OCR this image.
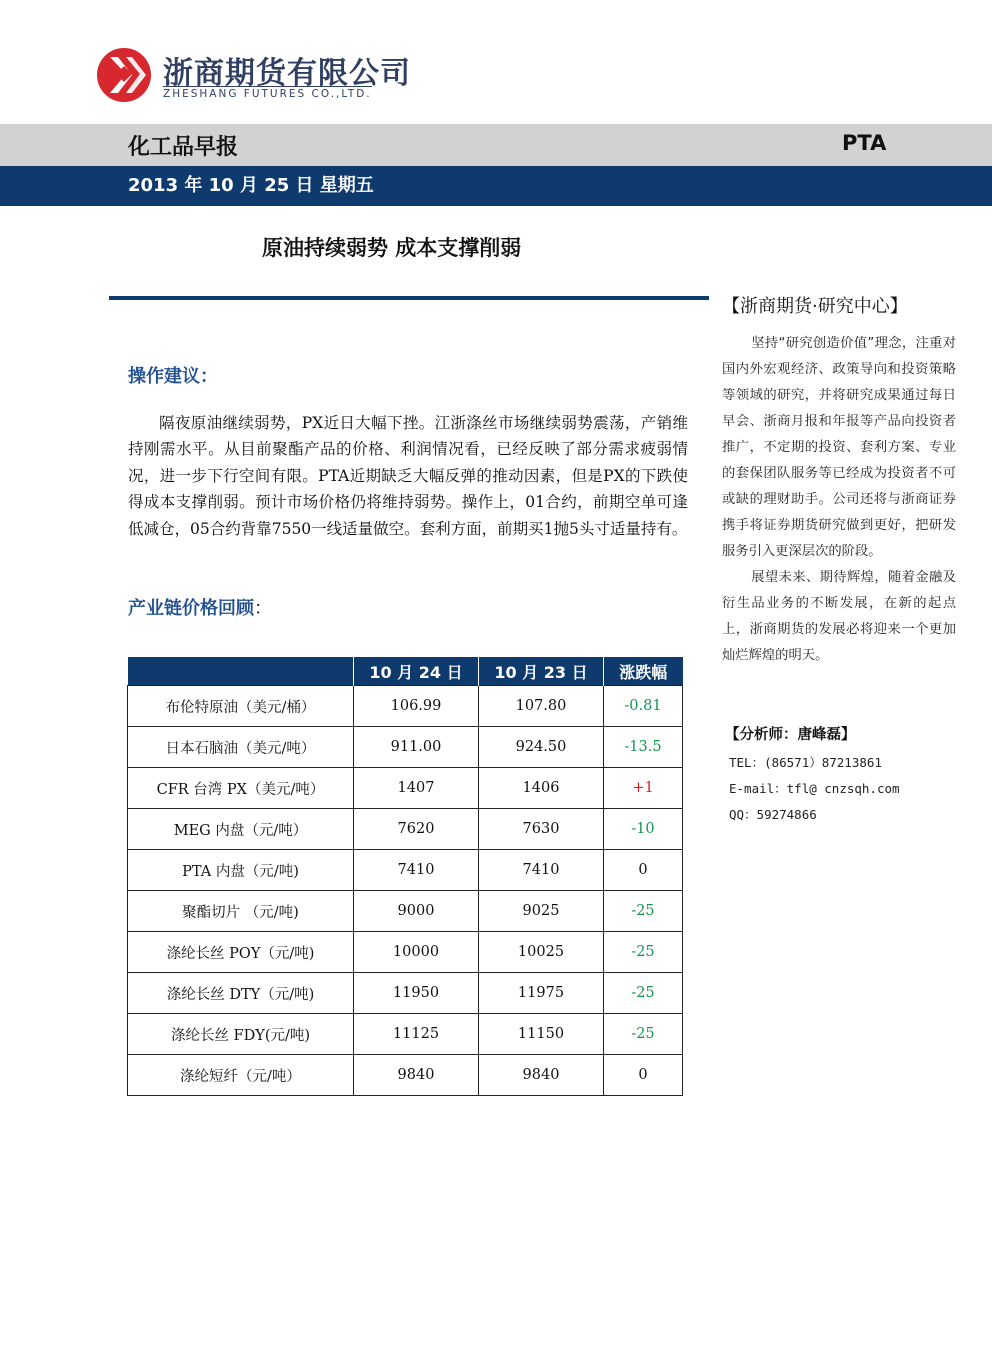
浙商期货有限公司
ZHESHANG FUTURES CO.,LTD.
化工品早报	PTA
2013 年 10 月 25 日 星期五
原油持续弱势 成本支撑削弱
操作建议：
隔夜原油继续弱势，PX近日大幅下挫。江浙涤丝市场继续弱势震荡，产销维持刚需水平。从目前聚酯产品的价格、利润情况看，已经反映了部分需求疲弱情况，进一步下行空间有限。PTA近期缺乏大幅反弹的推动因素，但是PX的下跌使得成本支撑削弱。预计市场价格仍将维持弱势。操作上，01合约，前期空单可逢低减仓，05合约背靠7550一线适量做空。套利方面，前期买1抛5头寸适量持有。
产业链价格回顾：
	10 月 24 日	10 月 23 日	涨跌幅
布伦特原油（美元/桶）	106.99	107.80	-0.81
日本石脑油（美元/吨）	911.00	924.50	-13.5
CFR 台湾 PX（美元/吨）	1407	1406	+1
MEG 内盘（元/吨）	7620	7630	-10
PTA 内盘（元/吨)	7410	7410	0
聚酯切片 （元/吨)	9000	9025	-25
涤纶长丝 POY（元/吨)	10000	10025	-25
涤纶长丝 DTY（元/吨)	11950	11975	-25
涤纶长丝 FDY(元/吨)	11125	11150	-25
涤纶短纤（元/吨）	9840	9840	0
【浙商期货·研究中心】

坚持“研究创造价值”理念，注重对国内外宏观经济、政策导向和投资策略等领域的研究，并将研究成果通过每日早会、浙商月报和年报等产品向投资者推广，不定期的投资、套利方案、专业的套保团队服务等已经成为投资者不可或缺的理财助手。公司还将与浙商证券携手将证券期货研究做到更好，把研发服务引入更深层次的阶段。

展望未来、期待辉煌，随着金融及衍生品业务的不断发展，在新的起点上，浙商期货的发展必将迎来一个更加灿烂辉煌的明天。

【分析师：唐峰磊】
TEL：(86571）87213861
E-mail：tfl@ cnzsqh.com
QQ：59274866
